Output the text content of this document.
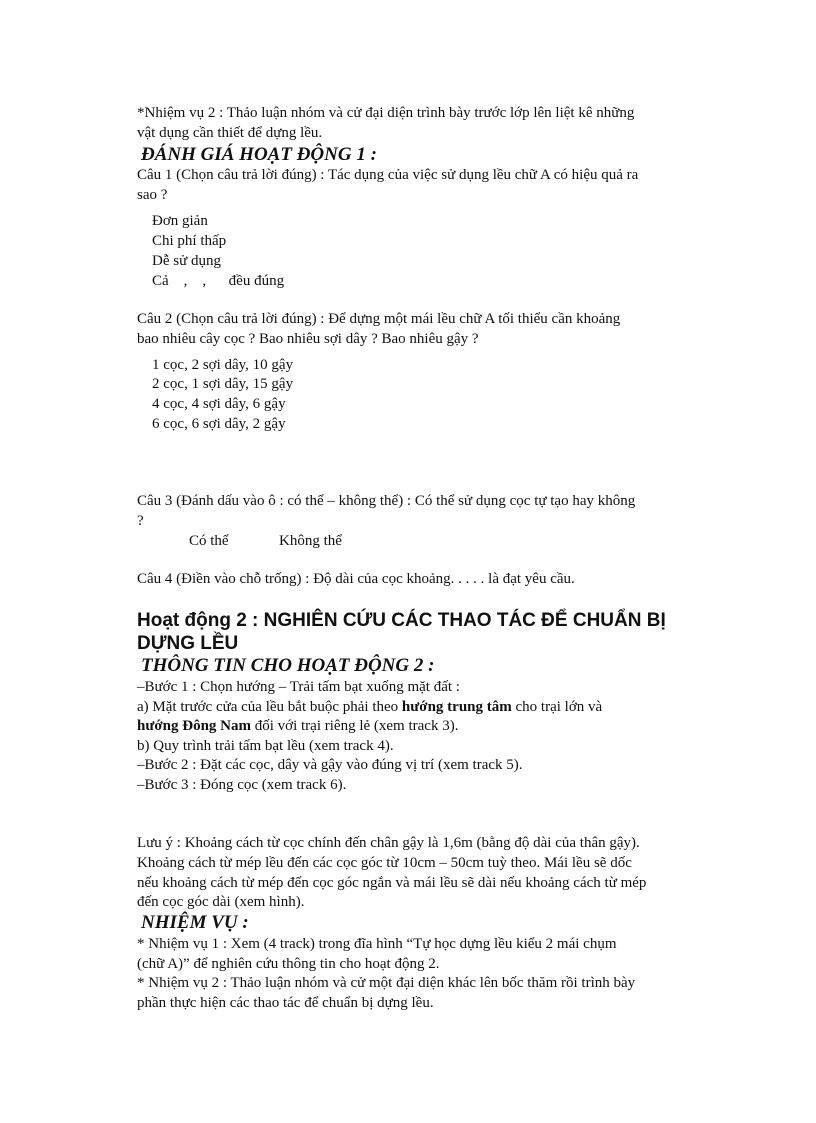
*Nhiệm vụ 2 : Thảo luận nhóm và cử đại diện trình bày trước lớp lên liệt kê những
vật dụng cần thiết để dựng lều.
ĐÁNH GIÁ HOẠT ĐỘNG 1 :
Câu 1 (Chọn câu trả lời đúng) : Tác dụng của việc sử dụng lều chữ A có hiệu quả ra
sao ?
Đơn giản
Chi phí thấp
Dễ sử dụng
Cả    ,    ,      đều đúng
Câu 2 (Chọn câu trả lời đúng) : Để dựng một mái lều chữ A tối thiểu cần khoảng
bao nhiêu cây cọc ? Bao nhiêu sợi dây ? Bao nhiêu gậy ?
1 cọc, 2 sợi dây, 10 gậy
2 cọc, 1 sợi dây, 15 gậy
4 cọc, 4 sợi dây, 6 gậy
6 cọc, 6 sợi dây, 2 gậy
Câu 3 (Đánh dấu vào ô : có thể – không thể) : Có thể sử dụng cọc tự tạo hay không
?
Có thể	Không thể
Câu 4 (Điền vào chỗ trống) : Độ dài của cọc khoảng. . . . . là đạt yêu cầu.
Hoạt động 2 : NGHIÊN CỨU CÁC THAO TÁC ĐỂ CHUẨN BỊ
DỰNG LỀU
THÔNG TIN CHO HOẠT ĐỘNG 2 :
–Bước 1 : Chọn hướng – Trải tấm bạt xuống mặt đất :
a) Mặt trước cửa của lều bắt buộc phải theo hướng trung tâm cho trại lớn và
hướng Đông Nam đối với trại riêng lẻ (xem track 3).
b) Quy trình trải tấm bạt lều (xem track 4).
–Bước 2 : Đặt các cọc, dây và gậy vào đúng vị trí (xem track 5).
–Bước 3 : Đóng cọc (xem track 6).
Lưu ý : Khoảng cách từ cọc chính đến chân gậy là 1,6m (bằng độ dài của thân gậy).
Khoảng cách từ mép lều đến các cọc góc từ 10cm – 50cm tuỳ theo. Mái lều sẽ dốc
nếu khoảng cách từ mép đến cọc góc ngắn và mái lều sẽ dài nếu khoảng cách từ mép
đến cọc góc dài (xem hình).
NHIỆM VỤ :
* Nhiệm vụ 1 : Xem (4 track) trong đĩa hình “Tự học dựng lều kiểu 2 mái chụm
(chữ A)” để nghiên cứu thông tin cho hoạt động 2.
* Nhiệm vụ 2 : Thảo luận nhóm và cử một đại diện khác lên bốc thăm rồi trình bày
phần thực hiện các thao tác để chuẩn bị dựng lều.
